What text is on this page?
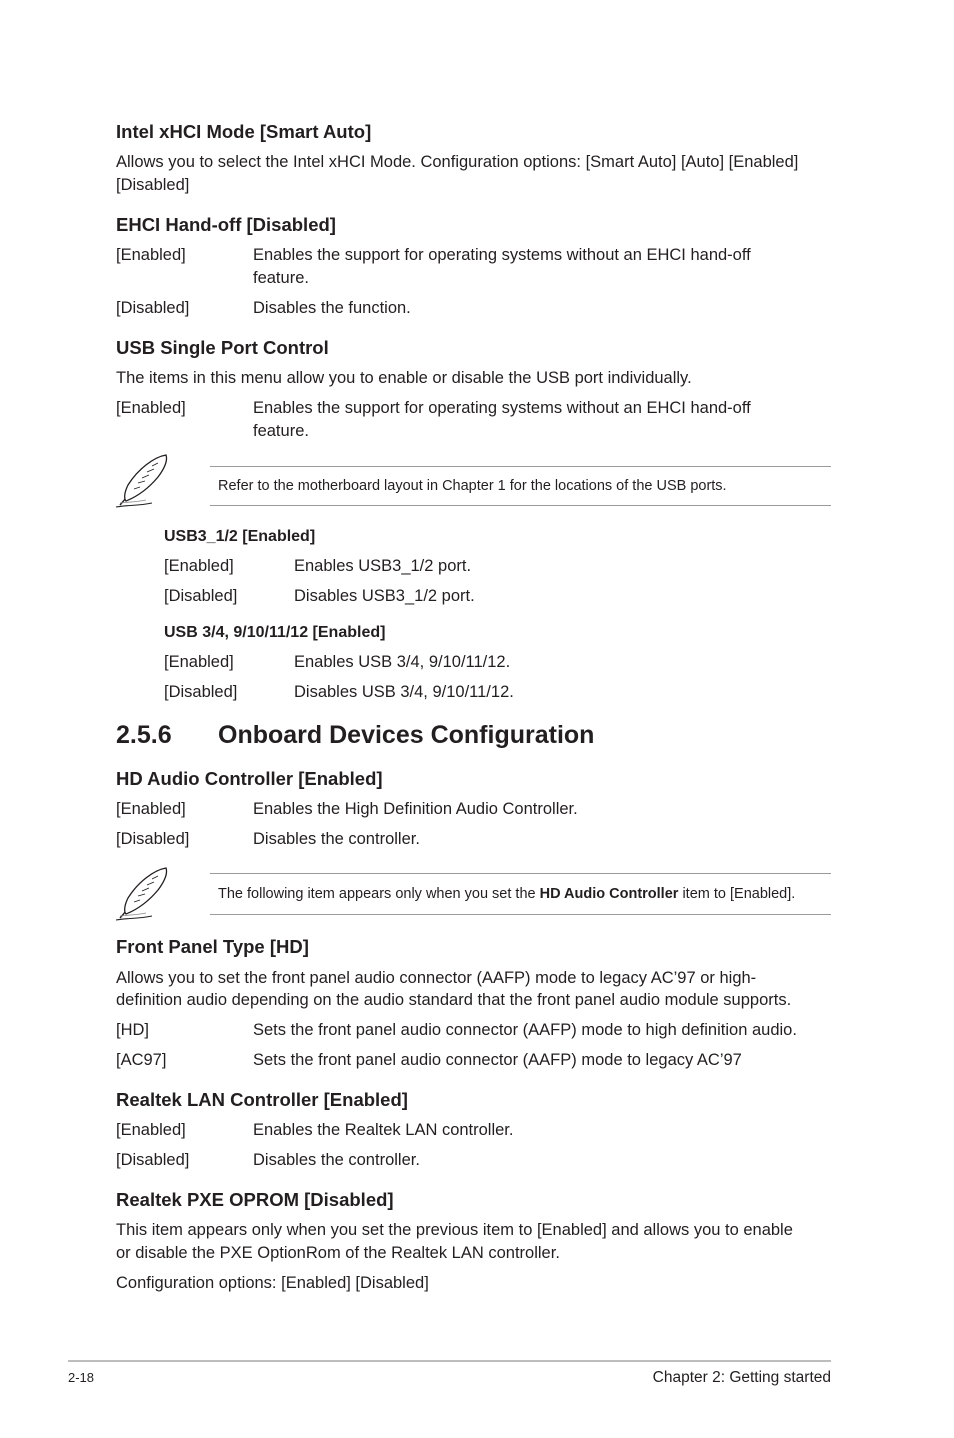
Intel xHCI Mode [Smart Auto]
Allows you to select the Intel xHCI Mode. Configuration options: [Smart Auto] [Auto] [Enabled]
[Disabled]
EHCI Hand-off [Disabled]
[Enabled]	Enables the support for operating systems without an EHCI hand-off
feature.
[Disabled]	Disables the function.
USB Single Port Control
The items in this menu allow you to enable or disable the USB port individually.
[Enabled]	Enables the support for operating systems without an EHCI hand-off
feature.
Refer to the motherboard layout in Chapter 1 for the locations of the USB ports.
USB3_1/2 [Enabled]
[Enabled]	Enables USB3_1/2 port.
[Disabled]	Disables USB3_1/2 port.
USB 3/4, 9/10/11/12 [Enabled]
[Enabled]	Enables USB 3/4, 9/10/11/12.
[Disabled]	Disables USB 3/4, 9/10/11/12.
2.5.6 Onboard Devices Configuration
HD Audio Controller [Enabled]
[Enabled]	Enables the High Definition Audio Controller.
[Disabled]	Disables the controller.
The following item appears only when you set the HD Audio Controller item to [Enabled].
Front Panel Type [HD]
Allows you to set the front panel audio connector (AAFP) mode to legacy AC’97 or high-
definition audio depending on the audio standard that the front panel audio module supports.
[HD]	Sets the front panel audio connector (AAFP) mode to high definition audio.
[AC97]	Sets the front panel audio connector (AAFP) mode to legacy AC’97
Realtek LAN Controller [Enabled]
[Enabled]	Enables the Realtek LAN controller.
[Disabled]	Disables the controller.
Realtek PXE OPROM [Disabled]
This item appears only when you set the previous item to [Enabled] and allows you to enable
or disable the PXE OptionRom of the Realtek LAN controller.
Configuration options: [Enabled] [Disabled]
2-18	Chapter 2: Getting started
